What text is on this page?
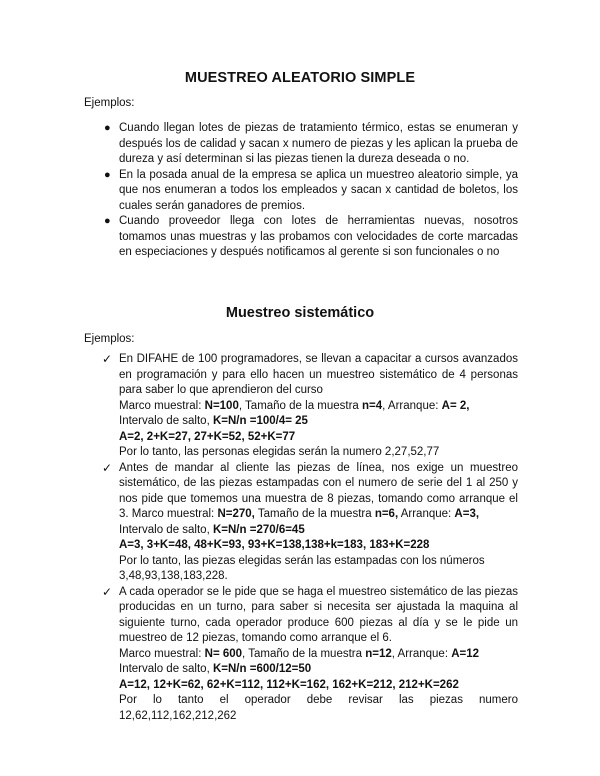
MUESTREO ALEATORIO SIMPLE
Ejemplos:
● Cuando llegan lotes de piezas de tratamiento térmico, estas se enumeran y después los de calidad y sacan x numero de piezas y les aplican la prueba de dureza y así determinan si las piezas tienen la dureza deseada o no.
● En la posada anual de la empresa se aplica un muestreo aleatorio simple, ya que nos enumeran a todos los empleados y sacan x cantidad de boletos, los cuales serán ganadores de premios.
● Cuando proveedor llega con lotes de herramientas nuevas, nosotros tomamos unas muestras y las probamos con velocidades de corte marcadas en especiaciones y después notificamos al gerente si son funcionales o no
Muestreo sistemático
Ejemplos:
✓ En DIFAHE de 100 programadores, se llevan a capacitar a cursos avanzados en programación y para ello hacen un muestreo sistemático de 4 personas para saber lo que aprendieron del curso
Marco muestral: N=100, Tamaño de la muestra n=4, Arranque: A= 2,
Intervalo de salto, K=N/n =100/4= 25
A=2, 2+K=27, 27+K=52, 52+K=77
Por lo tanto, las personas elegidas serán la numero 2,27,52,77
✓ Antes de mandar al cliente las piezas de línea, nos exige un muestreo sistemático, de las piezas estampadas con el numero de serie del 1 al 250 y nos pide que tomemos una muestra de 8 piezas, tomando como arranque el 3. Marco muestral: N=270, Tamaño de la muestra n=6, Arranque: A=3,
Intervalo de salto, K=N/n =270/6=45
A=3, 3+K=48, 48+K=93, 93+K=138,138+k=183, 183+K=228
Por lo tanto, las piezas elegidas serán las estampadas con los números 3,48,93,138,183,228.
✓ A cada operador se le pide que se haga el muestreo sistemático de las piezas producidas en un turno, para saber si necesita ser ajustada la maquina al siguiente turno, cada operador produce 600 piezas al día y se le pide un muestreo de 12 piezas, tomando como arranque el 6.
Marco muestral: N= 600, Tamaño de la muestra n=12, Arranque: A=12
Intervalo de salto, K=N/n =600/12=50
A=12, 12+K=62, 62+K=112, 112+K=162, 162+K=212, 212+K=262
Por lo tanto el operador debe revisar las piezas numero
12,62,112,162,212,262
